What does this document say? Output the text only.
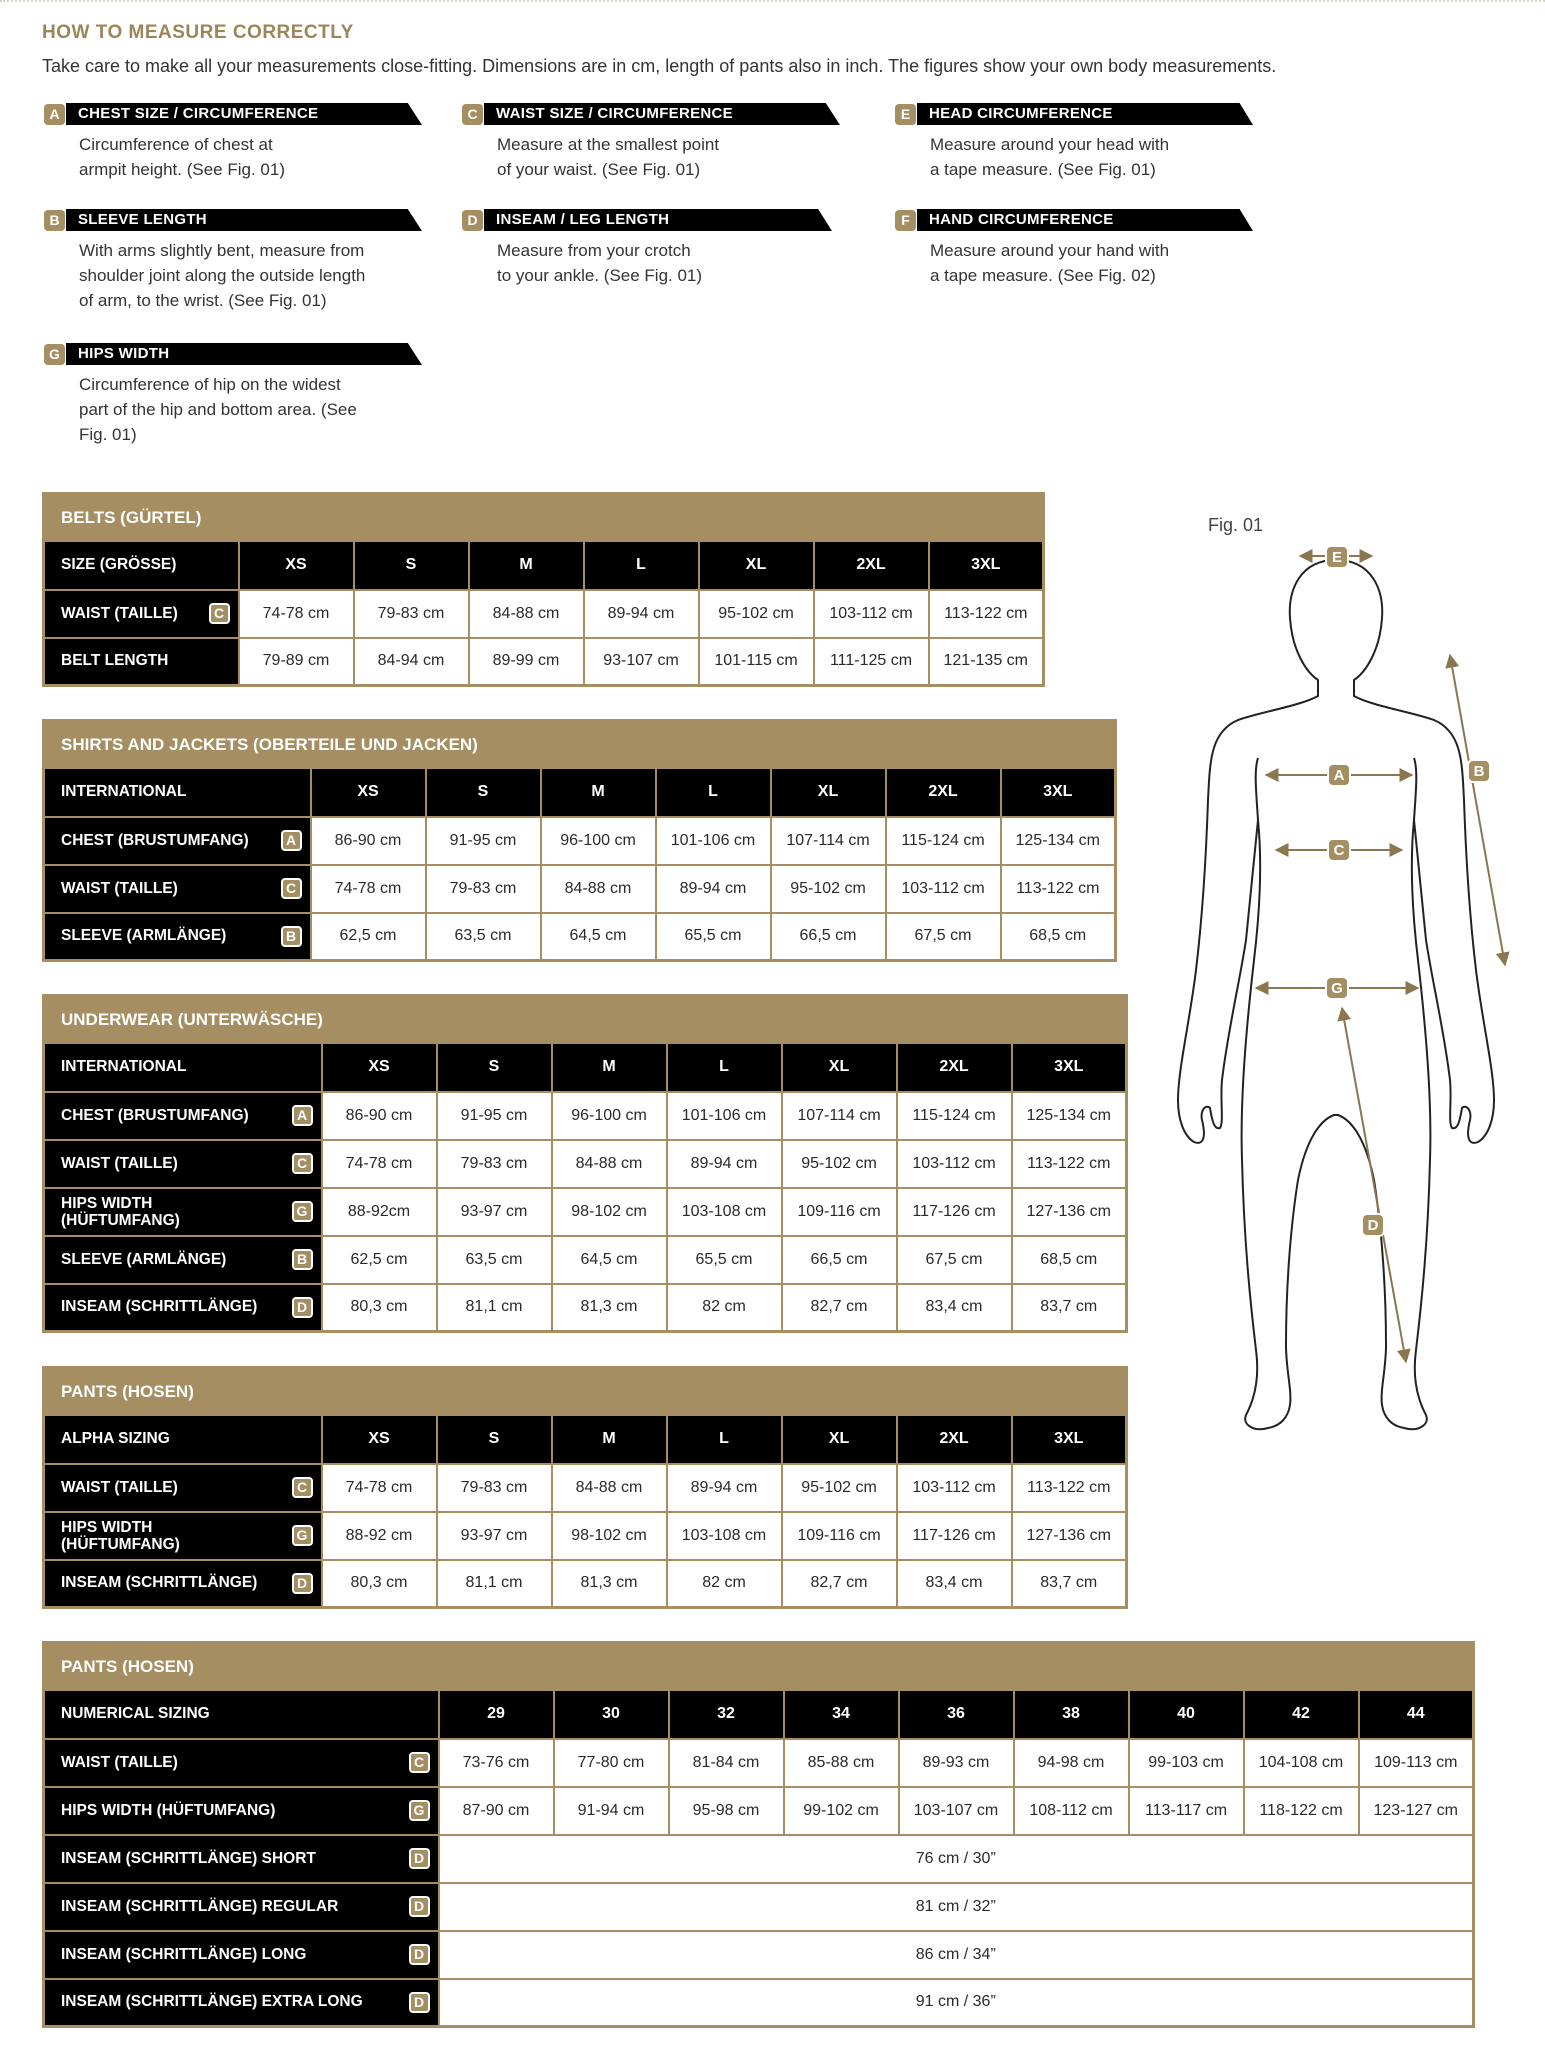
HOW TO MEASURE CORRECTLY
Take care to make all your measurements close-fitting. Dimensions are in cm, length of pants also in inch. The figures show your own body measurements.
A	CHEST SIZE / CIRCUMFERENCE
Circumference of chest at
armpit height. (See Fig. 01)
B	SLEEVE LENGTH
With arms slightly bent, measure from
shoulder joint along the outside length
of arm, to the wrist. (See Fig. 01)
G	HIPS WIDTH
Circumference of hip on the widest
part of the hip and bottom area. (See
Fig. 01)
C	WAIST SIZE / CIRCUMFERENCE
Measure at the smallest point
of your waist. (See Fig. 01)
D	INSEAM / LEG LENGTH
Measure from your crotch
to your ankle. (See Fig. 01)
E	HEAD CIRCUMFERENCE
Measure around your head with
a tape measure. (See Fig. 01)
F	HAND CIRCUMFERENCE
Measure around your hand with
a tape measure. (See Fig. 02)
BELTS (GÜRTEL)							
SIZE (GRÖSSE)	XS	S	M	L	XL	2XL	3XL

WAIST (TAILLE) C	74-78 cm	79-83 cm	84-88 cm	89-94 cm	95-102 cm	103-112 cm	113-122 cm

BELT LENGTH	79-89 cm	84-94 cm	89-99 cm	93-107 cm	101-115 cm	111-125 cm	121-135 cm
SHIRTS AND JACKETS (OBERTEILE UND JACKEN)							
INTERNATIONAL	XS	S	M	L	XL	2XL	3XL

CHEST (BRUSTUMFANG) A	86-90 cm	91-95 cm	96-100 cm	101-106 cm	107-114 cm	115-124 cm	125-134 cm

WAIST (TAILLE) C	74-78 cm	79-83 cm	84-88 cm	89-94 cm	95-102 cm	103-112 cm	113-122 cm

SLEEVE (ARMLÄNGE) B	62,5 cm	63,5 cm	64,5 cm	65,5 cm	66,5 cm	67,5 cm	68,5 cm
UNDERWEAR (UNTERWÄSCHE)							
INTERNATIONAL	XS	S	M	L	XL	2XL	3XL

CHEST (BRUSTUMFANG) A	86-90 cm	91-95 cm	96-100 cm	101-106 cm	107-114 cm	115-124 cm	125-134 cm

WAIST (TAILLE) C	74-78 cm	79-83 cm	84-88 cm	89-94 cm	95-102 cm	103-112 cm	113-122 cm

HIPS WIDTH
(HÜFTUMFANG)
G	88-92cm	93-97 cm	98-102 cm	103-108 cm	109-116 cm	117-126 cm	127-136 cm

SLEEVE (ARMLÄNGE) B	62,5 cm	63,5 cm	64,5 cm	65,5 cm	66,5 cm	67,5 cm	68,5 cm

INSEAM (SCHRITTLÄNGE) D	80,3 cm	81,1 cm	81,3 cm	82 cm	82,7 cm	83,4 cm	83,7 cm
PANTS (HOSEN)							
ALPHA SIZING	XS	S	M	L	XL	2XL	3XL

WAIST (TAILLE) C	74-78 cm	79-83 cm	84-88 cm	89-94 cm	95-102 cm	103-112 cm	113-122 cm

HIPS WIDTH
(HÜFTUMFANG)
G	88-92 cm	93-97 cm	98-102 cm	103-108 cm	109-116 cm	117-126 cm	127-136 cm

INSEAM (SCHRITTLÄNGE) D	80,3 cm	81,1 cm	81,3 cm	82 cm	82,7 cm	83,4 cm	83,7 cm
PANTS (HOSEN)									
NUMERICAL SIZING	29	30	32	34	36	38	40	42	44

WAIST (TAILLE) C	73-76 cm	77-80 cm	81-84 cm	85-88 cm	89-93 cm	94-98 cm	99-103 cm	104-108 cm	109-113 cm

HIPS WIDTH (HÜFTUMFANG) G	87-90 cm	91-94 cm	95-98 cm	99-102 cm	103-107 cm	108-112 cm	113-117 cm	118-122 cm	123-127 cm

INSEAM (SCHRITTLÄNGE) SHORT D	76 cm / 30”								

INSEAM (SCHRITTLÄNGE) REGULAR D	81 cm / 32”								

INSEAM (SCHRITTLÄNGE) LONG D	86 cm / 34”								

INSEAM (SCHRITTLÄNGE) EXTRA LONG D	91 cm / 36”								
Fig. 01
E
B
A
C
G
D
